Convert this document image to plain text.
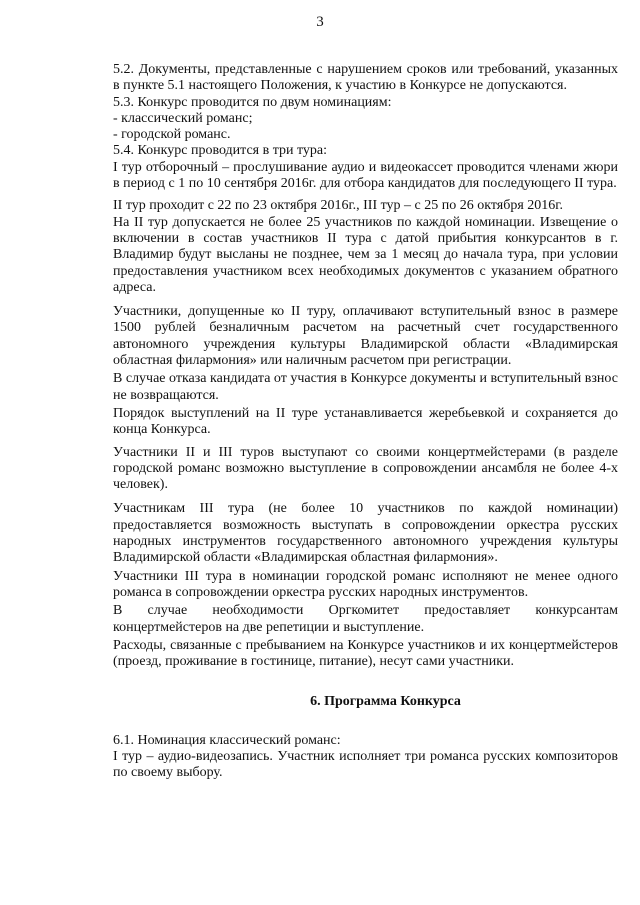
3
5.2. Документы, представленные с нарушением сроков или требований, указанных в пункте 5.1 настоящего Положения, к участию в Конкурсе не допускаются.
5.3. Конкурс проводится по двум номинациям:
- классический романс;
- городской романс.
5.4. Конкурс проводится в три тура:
I тур отборочный – прослушивание аудио и видеокассет проводится членами жюри в период с 1 по 10 сентября 2016г. для отбора кандидатов для последующего II тура.
II тур проходит с 22 по 23 октября 2016г., III тур – с 25 по 26 октября 2016г.
На II тур допускается не более 25 участников по каждой номинации. Извещение о включении в состав участников II тура с датой прибытия конкурсантов в г. Владимир будут высланы не позднее, чем за 1 месяц до начала тура, при условии предоставления участником всех необходимых документов с указанием обратного адреса.
Участники, допущенные ко II туру, оплачивают вступительный взнос в размере 1500 рублей безналичным расчетом на расчетный счет государственного автономного учреждения культуры Владимирской области «Владимирская областная филармония» или наличным расчетом при регистрации.
В случае отказа кандидата от участия в Конкурсе документы и вступительный взнос не возвращаются.
Порядок выступлений на II туре устанавливается жеребьевкой и сохраняется до конца Конкурса.
Участники II и III туров выступают со своими концертмейстерами (в разделе городской романс возможно выступление в сопровождении ансамбля не более 4-х человек).
Участникам III тура (не более 10 участников по каждой номинации) предоставляется возможность выступать в сопровождении оркестра русских народных инструментов государственного автономного учреждения культуры Владимирской области «Владимирская областная филармония».
Участники III тура в номинации городской романс исполняют не менее одного романса в сопровождении оркестра русских народных инструментов.
В случае необходимости Оргкомитет предоставляет конкурсантам концертмейстеров на две репетиции и выступление.
Расходы, связанные с пребыванием на Конкурсе участников и их концертмейстеров (проезд, проживание в гостинице, питание), несут сами участники.
6. Программа Конкурса
6.1. Номинация классический романс:
I тур – аудио-видеозапись. Участник исполняет три романса русских композиторов по своему выбору.
